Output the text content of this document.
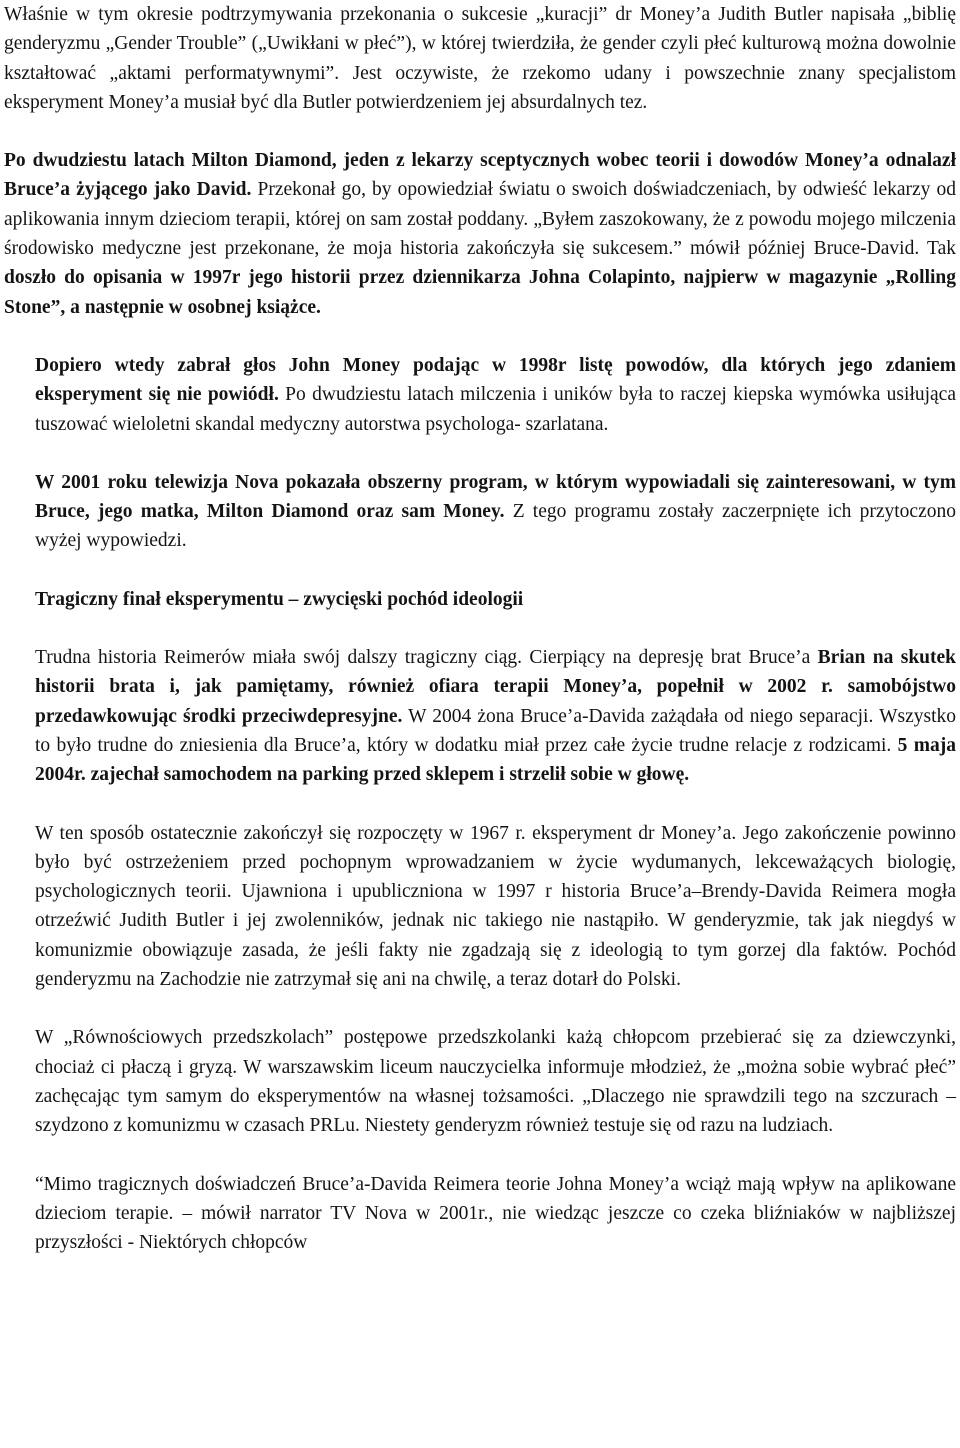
Właśnie w tym okresie podtrzymywania przekonania o sukcesie „kuracji” dr Money’a Judith Butler napisała „biblię genderyzmu „Gender Trouble” („Uwikłani w płeć”), w której twierdziła, że gender czyli płeć kulturową można dowolnie kształtować „aktami performatywnymi”. Jest oczywiste, że rzekomo udany i powszechnie znany specjalistom eksperyment Money’a musiał być dla Butler potwierdzeniem jej absurdalnych tez.

Po dwudziestu latach Milton Diamond, jeden z lekarzy sceptycznych wobec teorii i dowodów Money’a odnalazł Bruce’a żyjącego jako David. Przekonał go, by opowiedział światu o swoich doświadczeniach, by odwieść lekarzy od aplikowania innym dzieciom terapii, której on sam został poddany. „Byłem zaszokowany, że z powodu mojego milczenia środowisko medyczne jest przekonane, że moja historia zakończyła się sukcesem.” mówił później Bruce-David. Tak doszło do opisania w 1997r jego historii przez dziennikarza Johna Colapinto, najpierw w magazynie „Rolling Stone”, a następnie w osobnej książce.

Dopiero wtedy zabrał głos John Money podając w 1998r listę powodów, dla których jego zdaniem eksperyment się nie powiódł. Po dwudziestu latach milczenia i uników była to raczej kiepska wymówka usiłująca tuszować wieloletni skandal medyczny autorstwa psychologa- szarlatana.

W 2001 roku telewizja Nova pokazała obszerny program, w którym wypowiadali się zainteresowani, w tym Bruce, jego matka, Milton Diamond oraz sam Money. Z tego programu zostały zaczerpnięte ich przytoczono wyżej wypowiedzi.

Tragiczny finał eksperymentu – zwycięski pochód ideologii

Trudna historia Reimerów miała swój dalszy tragiczny ciąg. Cierpiący na depresję brat Bruce’a Brian na skutek historii brata i, jak pamiętamy, również ofiara terapii Money’a, popełnił w 2002 r. samobójstwo przedawkowując środki przeciwdepresyjne. W 2004 żona Bruce’a-Davida zażądała od niego separacji. Wszystko to było trudne do zniesienia dla Bruce’a, który w dodatku miał przez całe życie trudne relacje z rodzicami. 5 maja 2004r. zajechał samochodem na parking przed sklepem i strzelił sobie w głowę.

W ten sposób ostatecznie zakończył się rozpoczęty w 1967 r. eksperyment dr Money’a. Jego zakończenie powinno było być ostrzeżeniem przed pochopnym wprowadzaniem w życie wydumanych, lekceważących biologię, psychologicznych teorii. Ujawniona i upubliczniona w 1997 r historia Bruce’a–Brendy-Davida Reimera mogła otrzeźwić Judith Butler i jej zwolenników, jednak nic takiego nie nastąpiło. W genderyzmie, tak jak niegdyś w komunizmie obowiązuje zasada, że jeśli fakty nie zgadzają się z ideologią to tym gorzej dla faktów. Pochód genderyzmu na Zachodzie nie zatrzymał się ani na chwilę, a teraz dotarł do Polski.

W „Równościowych przedszkolach” postępowe przedszkolanki każą chłopcom przebierać się za dziewczynki, chociaż ci płaczą i gryzą. W warszawskim liceum nauczycielka informuje młodzież, że „można sobie wybrać płeć” zachęcając tym samym do eksperymentów na własnej tożsamości. „Dlaczego nie sprawdzili tego na szczurach – szydzono z komunizmu w czasach PRLu. Niestety genderyzm również testuje się od razu na ludziach.

“Mimo tragicznych doświadczeń Bruce’a-Davida Reimera teorie Johna Money’a wciąż mają wpływ na aplikowane dzieciom terapie. – mówił narrator TV Nova w 2001r., nie wiedząc jeszcze co czeka bliźniaków w najbliższej przyszłości - Niektórych chłopców
